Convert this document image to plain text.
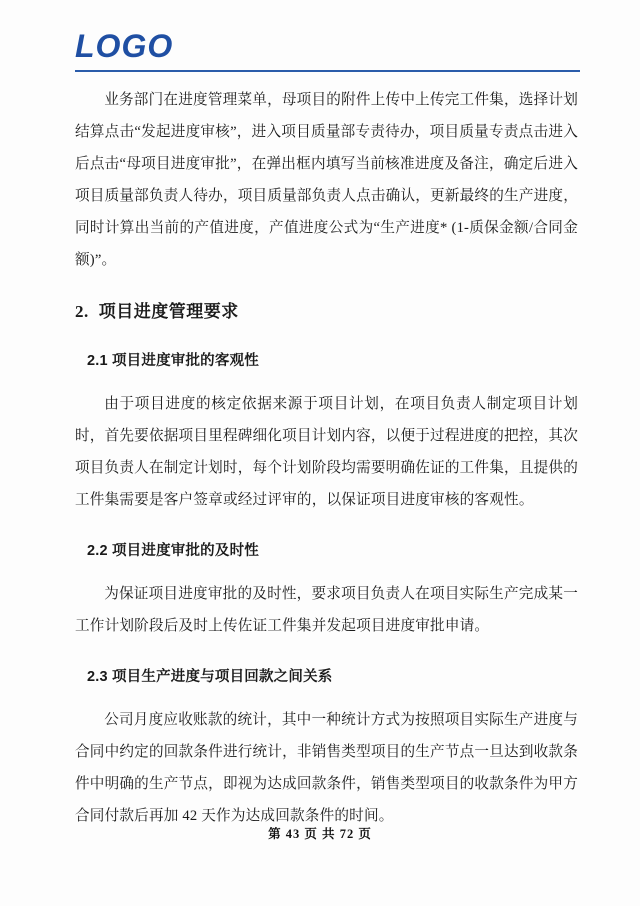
LOGO

业务部门在进度管理菜单，母项目的附件上传中上传完工件集，选择计划结算点击“发起进度审核”，进入项目质量部专责待办，项目质量专责点击进入后点击“母项目进度审批”，在弹出框内填写当前核准进度及备注，确定后进入项目质量部负责人待办，项目质量部负责人点击确认，更新最终的生产进度，同时计算出当前的产值进度，产值进度公式为“生产进度* (1-质保金额/合同金额)”。

2. 项目进度管理要求
2.1 项目进度审批的客观性

由于项目进度的核定依据来源于项目计划，在项目负责人制定项目计划时，首先要依据项目里程碑细化项目计划内容，以便于过程进度的把控，其次项目负责人在制定计划时，每个计划阶段均需要明确佐证的工件集，且提供的工件集需要是客户签章或经过评审的，以保证项目进度审核的客观性。

2.2 项目进度审批的及时性

为保证项目进度审批的及时性，要求项目负责人在项目实际生产完成某一工作计划阶段后及时上传佐证工件集并发起项目进度审批申请。

2.3 项目生产进度与项目回款之间关系

公司月度应收账款的统计，其中一种统计方式为按照项目实际生产进度与合同中约定的回款条件进行统计，非销售类型项目的生产节点一旦达到收款条件中明确的生产节点，即视为达成回款条件，销售类型项目的收款条件为甲方合同付款后再加 42 天作为达成回款条件的时间。

第 43 页 共 72 页
